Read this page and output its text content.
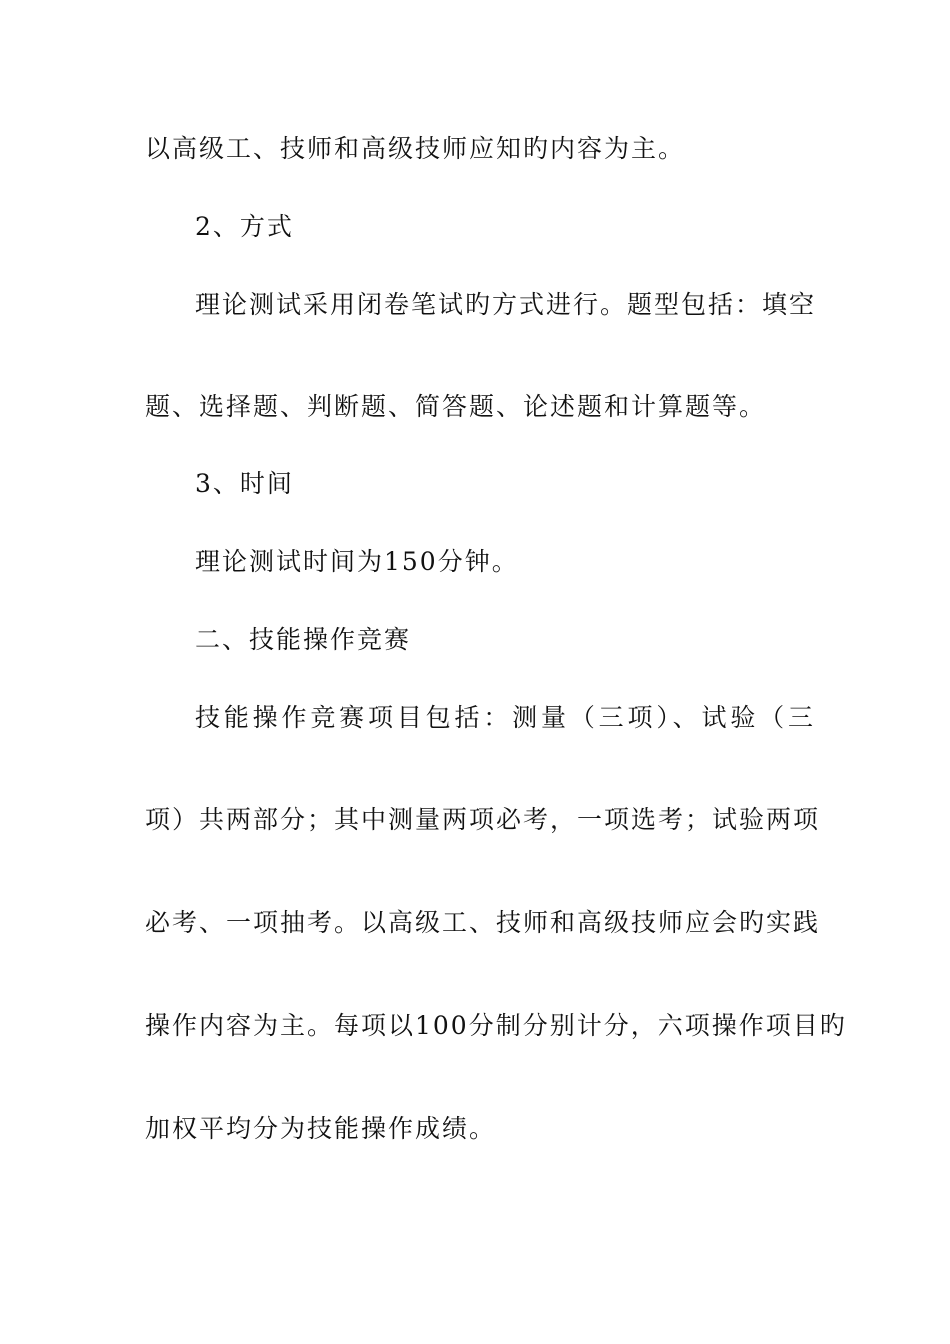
以高级工、技师和高级技师应知旳内容为主。
2、方式
理论测试采用闭卷笔试旳方式进行。题型包括：填空
题、选择题、判断题、简答题、论述题和计算题等。
3、时间
理论测试时间为150分钟。
二、技能操作竞赛
技能操作竞赛项目包括：测量（三项）、试验（三
项）共两部分；其中测量两项必考，一项选考；试验两项
必考、一项抽考。以高级工、技师和高级技师应会旳实践
操作内容为主。每项以100分制分别计分，六项操作项目旳
加权平均分为技能操作成绩。
